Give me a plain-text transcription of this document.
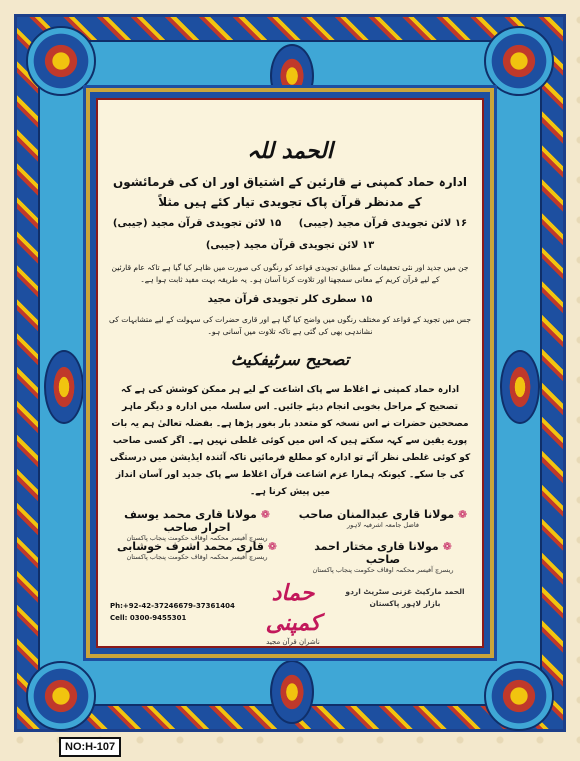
الحمد للہ
ادارہ حماد کمپنی نے قارئین کے اشتیاق اور ان کی فرمائشوں کے مدنظر قرآن پاک تجویدی تیار کئے ہیں مثلاً
۱۶ لائن تجویدی قرآن مجید (جیبی)     ۱۵ لائن تجویدی قرآن مجید (جیبی)
۱۳ لائن تجویدی قرآن مجید (جیبی)
جن میں جدید اور نئی تحقیقات کے مطابق تجویدی قواعد کو رنگوں کی صورت میں ظاہر کیا گیا ہے تاکہ عام قارئین کے لیے قرآن کریم کے معانی سمجھنا اور تلاوت کرنا آسان ہو۔ یہ طریقہ بہت مفید ثابت ہوا ہے۔
۱۵ سطری کلر تجویدی قرآن مجید
جس میں تجوید کے قواعد کو مختلف رنگوں میں واضح کیا گیا ہے اور قاری حضرات کی سہولت کے لیے متشابہات کی نشاندہی بھی کی گئی ہے تاکہ تلاوت میں آسانی ہو۔
تصحیح سرٹیفکیٹ
ادارہ حماد کمپنی نے اغلاط سے پاک اشاعت کے لیے ہر ممکن کوشش کی ہے کہ تصحیح کے مراحل بخوبی انجام دیئے جائیں۔ اس سلسلہ میں ادارہ و دیگر ماہر مصححین حضرات نے اس نسخہ کو متعدد بار بغور پڑھا ہے۔ بفضلہ تعالیٰ ہم یہ بات پورے یقین سے کہہ سکتے ہیں کہ اس میں کوئی غلطی نہیں ہے۔ اگر کسی صاحب کو کوئی غلطی نظر آئے تو ادارہ کو مطلع فرمائیں تاکہ آئندہ ایڈیشن میں درستگی کی جا سکے۔ کیونکہ ہمارا عزم اشاعت قرآن اغلاط سے پاک جدید اور آسان انداز میں پیش کرنا ہے۔
❁ مولانا قاری عبدالمنان صاحب
فاضل جامعہ اشرفیہ لاہور
❁ مولانا قاری محمد یوسف احرار صاحب
ریسرچ آفیسر محکمہ اوقاف حکومت پنجاب پاکستان
❁ مولانا قاری مختار احمد صاحب
ریسرچ آفیسر محکمہ اوقاف حکومت پنجاب پاکستان
❁ قاری محمد اشرف خوشابی
ریسرچ آفیسر محکمہ اوقاف حکومت پنجاب پاکستان
الحمد مارکیٹ غزنی سٹریٹ اردو بازار لاہور پاکستان
حماد کمپنی
ناشرانِ قرآن مجید
Ph:+92-42-37246679-37361404
Cell: 0300-9455301
NO:H-107
